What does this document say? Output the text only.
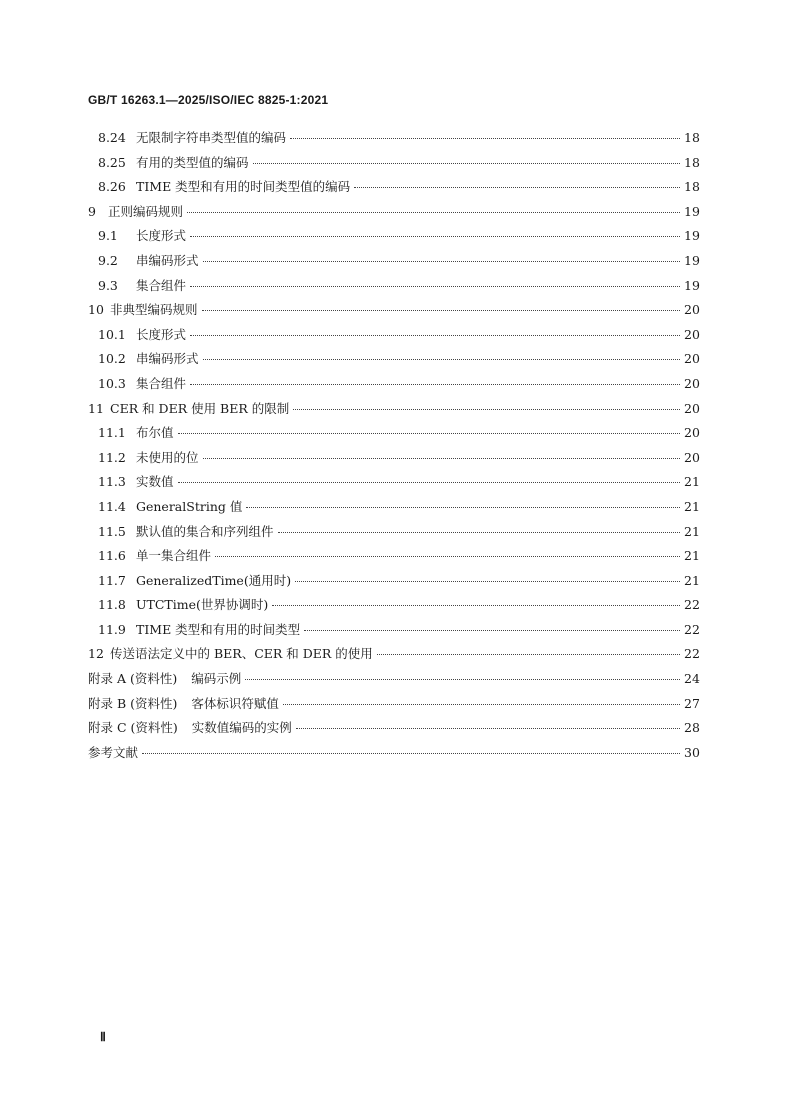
GB/T 16263.1—2025/ISO/IEC 8825-1:2021
8.24 无限制字符串类型值的编码	18
8.25 有用的类型值的编码	18
8.26 TIME 类型和有用的时间类型值的编码	18
9 正则编码规则	19
9.1	长度形式	19
9.2	串编码形式	19
9.3	集合组件	19
10 非典型编码规则	20
10.1 长度形式	20
10.2 串编码形式	20
10.3 集合组件	20
11 CER 和 DER 使用 BER 的限制	20
11.1 布尔值	20
11.2 未使用的位	20
11.3 实数值	21
11.4 GeneralString 值	21
11.5 默认值的集合和序列组件	21
11.6 单一集合组件	21
11.7 GeneralizedTime(通用时)	21
11.8 UTCTime(世界协调时)	22
11.9 TIME 类型和有用的时间类型	22
12 传送语法定义中的 BER、CER 和 DER 的使用	22
附录 A (资料性) 编码示例	24
附录 B (资料性) 客体标识符赋值	27
附录 C (资料性) 实数值编码的实例	28
参考文献	30
Ⅱ
